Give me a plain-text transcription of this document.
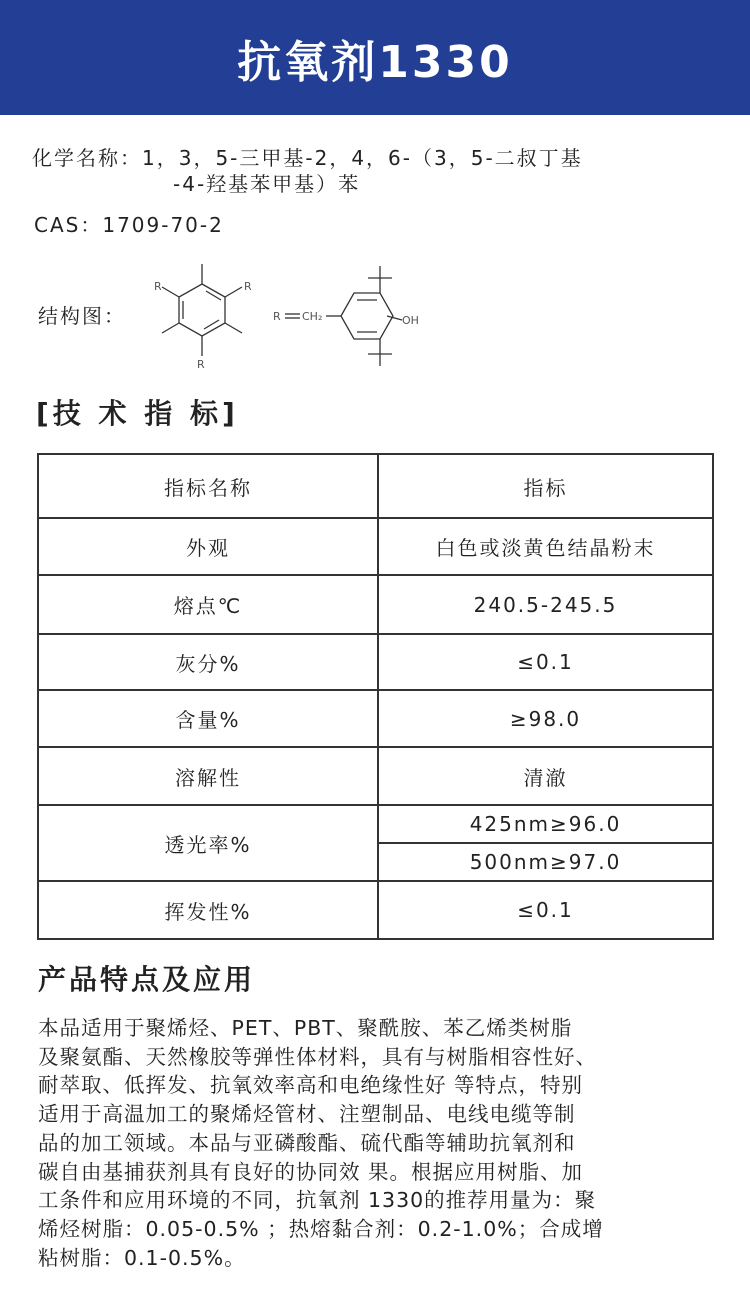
抗氧剂1330
化学名称：1，3，5-三甲基-2，4，6-（3，5-二叔丁基
-4-羟基苯甲基）苯
CAS：1709-70-2
结构图：
R	R
R
R CH₂	OH
[技 术 指 标]
指标名称	指标
外观	白色或淡黄色结晶粉末
熔点℃	240.5-245.5
灰分%	≤0.1
含量%	≥98.0
溶解性	清澈
透光率%	425nm≥96.0
	500nm≥97.0
挥发性%	≤0.1
产品特点及应用
本品适用于聚烯烃、PET、PBT、聚酰胺、苯乙烯类树脂
及聚氨酯、天然橡胶等弹性体材料，具有与树脂相容性好、
耐萃取、低挥发、抗氧效率高和电绝缘性好 等特点，特别
适用于高温加工的聚烯烃管材、注塑制品、电线电缆等制
品的加工领域。本品与亚磷酸酯、硫代酯等辅助抗氧剂和
碳自由基捕获剂具有良好的协同效 果。根据应用树脂、加
工条件和应用环境的不同，抗氧剂 1330的推荐用量为：聚
烯烃树脂：0.05-0.5% ；热熔黏合剂：0.2-1.0%；合成增
粘树脂：0.1-0.5%。
